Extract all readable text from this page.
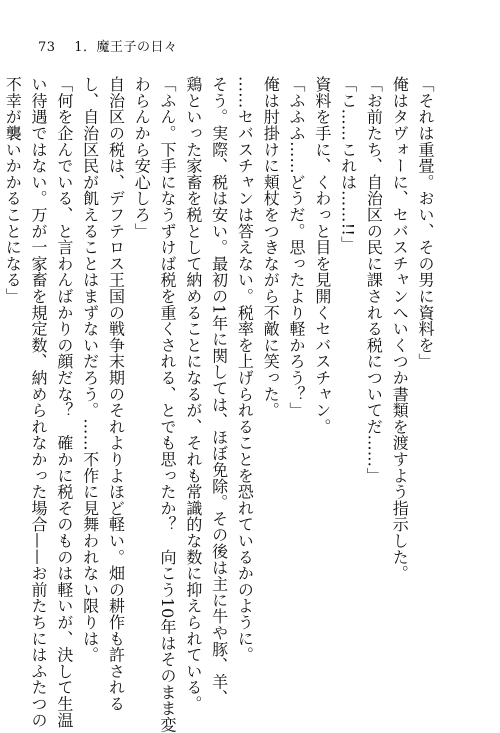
73 1．魔王子の日々
「それは重畳。おい、その男に資料を」
俺はタヴォーに、セバスチャンへいくつか書類を渡すよう指示した。
「お前たち、自治区の民に課される税についてだ……」
「こ……これは……!!」
資料を手に、くわっと目を見開くセバスチャン。
「ふふふ……どうだ。思ったより軽かろう？」
俺は肘掛けに頬杖をつきながら不敵に笑った。
……セバスチャンは答えない。税率を上げられることを恐れているかのように。
そう。実際、税は安い。最初の1年に関しては、ほぼ免除。その後は主に牛や豚、羊、
鶏といった家畜を税として納めることになるが、それも常識的な数に抑えられている。
「ふん。下手になうずけば税を重くされる、とでも思ったか？　向こう10年はそのまま変
わらんから安心しろ」
自治区の税は、デフテロス王国の戦争末期のそれよりよほど軽い。畑の耕作も許される
し、自治区民が飢えることはまずないだろう。……不作に見舞われない限りは。
「何を企んでいる、と言わんばかりの顔だな？　確かに税そのものは軽いが、決して生温
い待遇ではない。万が一家畜を規定数、納められなかった場合——お前たちにはふたつの
不幸が襲いかかることになる」
